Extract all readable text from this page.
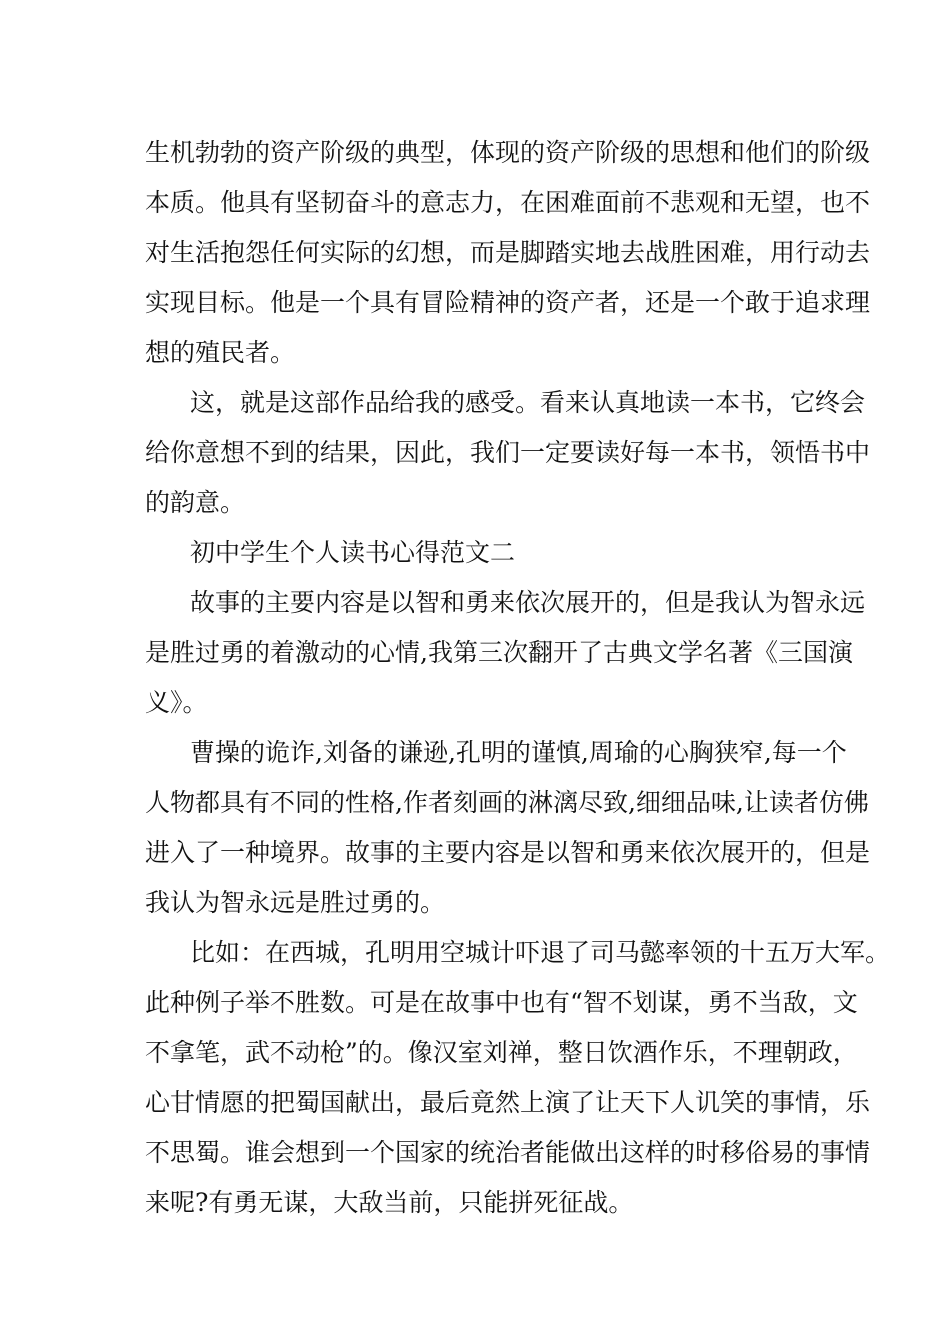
生机勃勃的资产阶级的典型，体现的资产阶级的思想和他们的阶级
本质。他具有坚韧奋斗的意志力，在困难面前不悲观和无望，也不
对生活抱怨任何实际的幻想，而是脚踏实地去战胜困难，用行动去
实现目标。他是一个具有冒险精神的资产者，还是一个敢于追求理
想的殖民者。
这，就是这部作品给我的感受。看来认真地读一本书，它终会
给你意想不到的结果，因此，我们一定要读好每一本书，领悟书中
的韵意。
初中学生个人读书心得范文二
故事的主要内容是以智和勇来依次展开的，但是我认为智永远
是胜过勇的着激动的心情,我第三次翻开了古典文学名著《三国演
义》。
曹操的诡诈,刘备的谦逊,孔明的谨慎,周瑜的心胸狭窄,每一个
人物都具有不同的性格,作者刻画的淋漓尽致,细细品味,让读者仿佛
进入了一种境界。故事的主要内容是以智和勇来依次展开的，但是
我认为智永远是胜过勇的。
比如：在西城，孔明用空城计吓退了司马懿率领的十五万大军。
此种例子举不胜数。可是在故事中也有“智不划谋，勇不当敌，文
不拿笔，武不动枪”的。像汉室刘禅，整日饮酒作乐，不理朝政，
心甘情愿的把蜀国献出，最后竟然上演了让天下人讥笑的事情，乐
不思蜀。谁会想到一个国家的统治者能做出这样的时移俗易的事情
来呢?有勇无谋，大敌当前，只能拼死征战。
